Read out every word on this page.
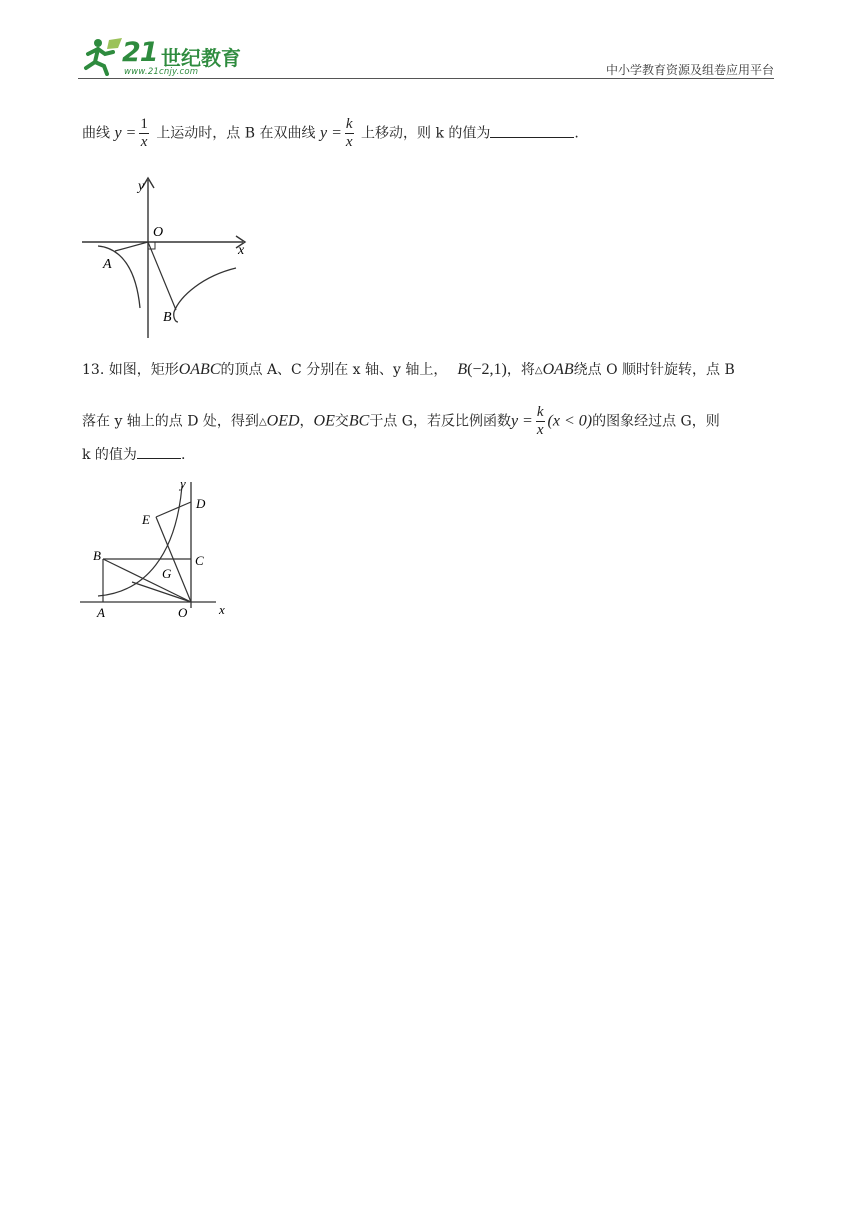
21 世纪教育
www.21cnjy.com	中小学教育资源及组卷应用平台
曲线 $y = \frac{1}{x}$ 上运动时，点 B 在双曲线 $y = \frac{k}{x}$ 上移动，则 k 的值为	.
y
O
x
A
B
13. 如图，矩形OABC的顶点 A、C 分别在 x 轴、y 轴上， B(−2,1)，将△OAB绕点 O 顺时针旋转，点 B
落在 y 轴上的点 D 处，得到△OED，OE交BC于点 G，若反比例函数$y = \frac{k}{x} (x < 0)$的图象经过点 G，则
k 的值为	.
y
D
E
B	C
G
A	O x
